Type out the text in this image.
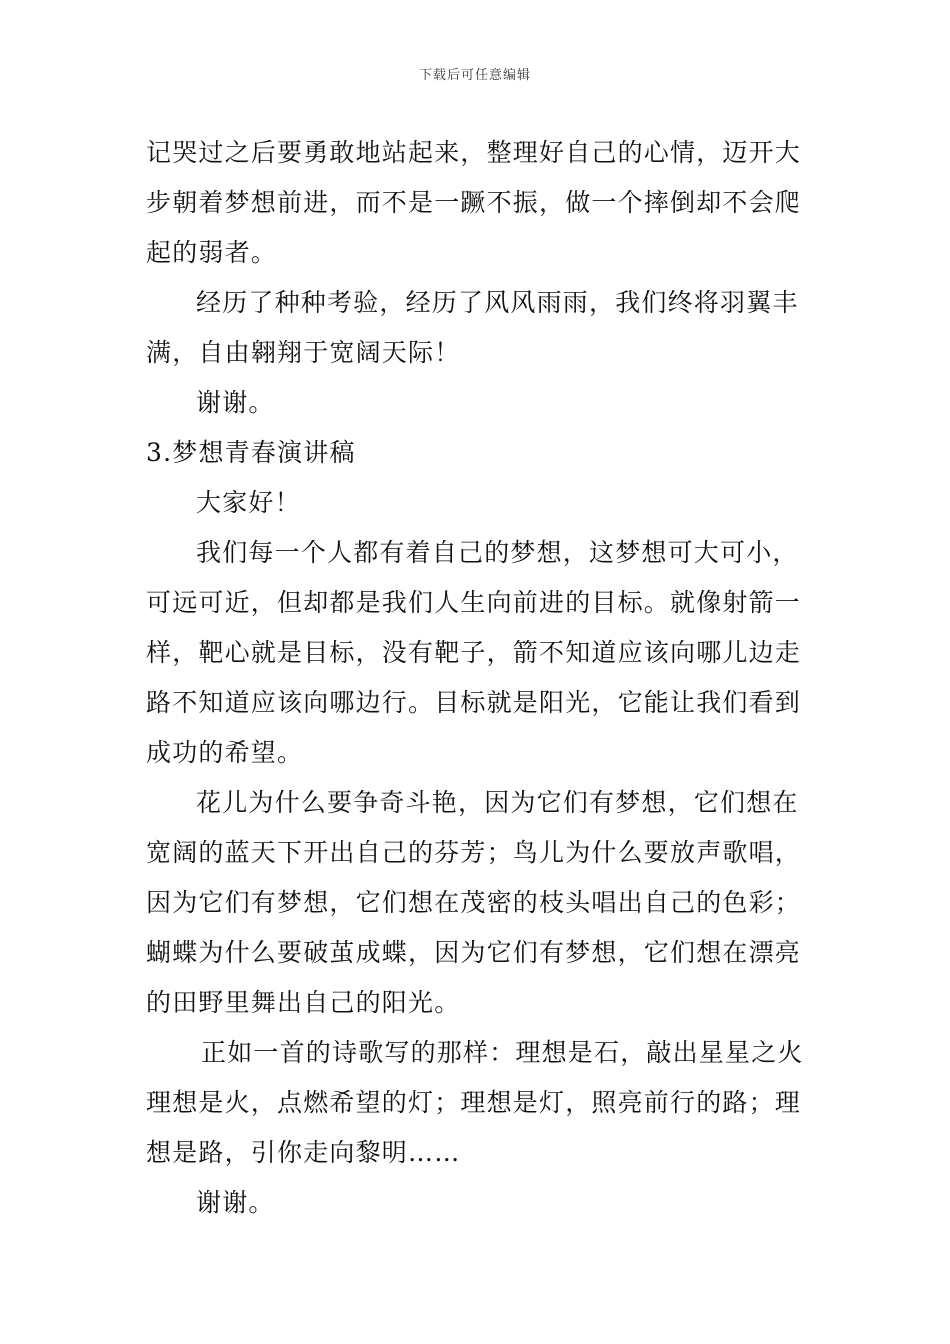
下载后可任意编辑
记哭过之后要勇敢地站起来，整理好自己的心情，迈开大
步朝着梦想前进，而不是一蹶不振，做一个摔倒却不会爬
起的弱者。
经历了种种考验，经历了风风雨雨，我们终将羽翼丰
满，自由翱翔于宽阔天际！
谢谢。
3.梦想青春演讲稿
大家好！
我们每一个人都有着自己的梦想，这梦想可大可小，
可远可近，但却都是我们人生向前进的目标。就像射箭一
样，靶心就是目标，没有靶子，箭不知道应该向哪儿边走
路不知道应该向哪边行。目标就是阳光，它能让我们看到
成功的希望。
花儿为什么要争奇斗艳，因为它们有梦想，它们想在
宽阔的蓝天下开出自己的芬芳；鸟儿为什么要放声歌唱，
因为它们有梦想，它们想在茂密的枝头唱出自己的色彩；
蝴蝶为什么要破茧成蝶，因为它们有梦想，它们想在漂亮
的田野里舞出自己的阳光。
正如一首的诗歌写的那样：理想是石，敲出星星之火
理想是火，点燃希望的灯；理想是灯，照亮前行的路；理
想是路，引你走向黎明……
谢谢。
